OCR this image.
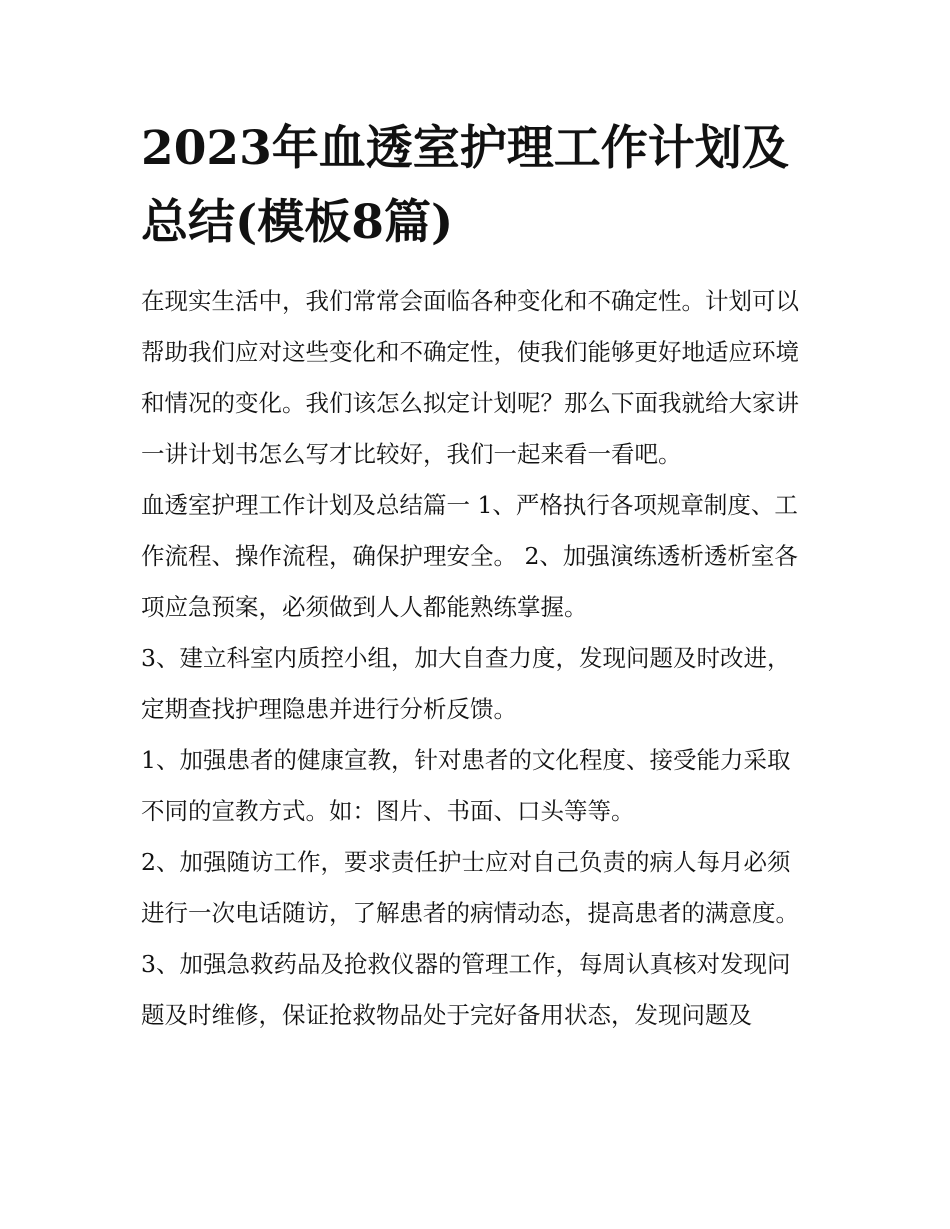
2023年血透室护理工作计划及总结(模板8篇)

在现实生活中，我们常常会面临各种变化和不确定性。计划可以帮助我们应对这些变化和不确定性，使我们能够更好地适应环境和情况的变化。我们该怎么拟定计划呢？那么下面我就给大家讲一讲计划书怎么写才比较好，我们一起来看一看吧。

血透室护理工作计划及总结篇一 1、严格执行各项规章制度、工作流程、操作流程，确保护理安全。 2、加强演练透析透析室各项应急预案，必须做到人人都能熟练掌握。

3、建立科室内质控小组，加大自查力度，发现问题及时改进，定期查找护理隐患并进行分析反馈。

1、加强患者的健康宣教，针对患者的文化程度、接受能力采取不同的宣教方式。如：图片、书面、口头等等。

2、加强随访工作，要求责任护士应对自己负责的病人每月必须进行一次电话随访，了解患者的病情动态，提高患者的满意度。

3、加强急救药品及抢救仪器的管理工作，每周认真核对发现问题及时维修，保证抢救物品处于完好备用状态，发现问题及
